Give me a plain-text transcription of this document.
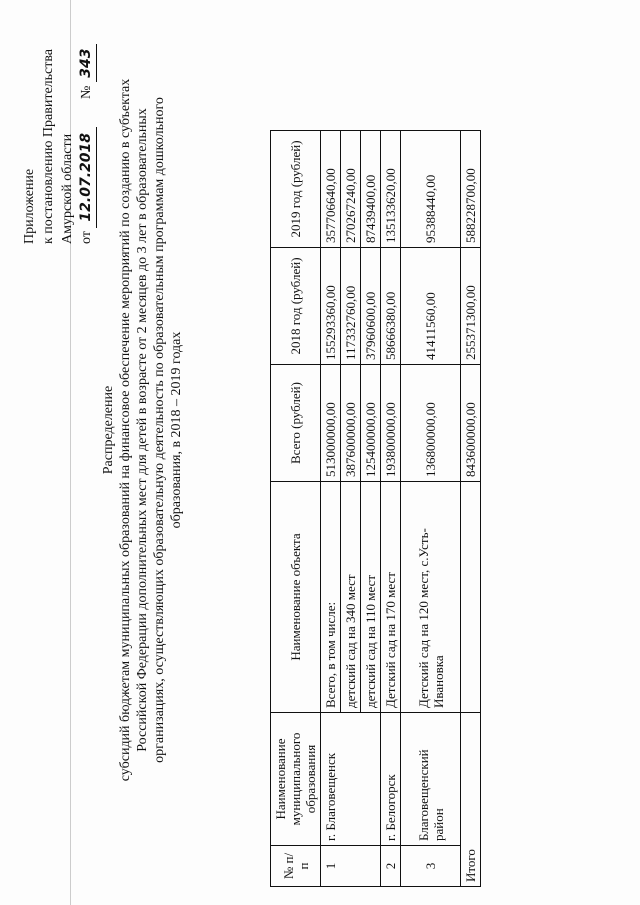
Приложение к постановлению Правительства Амурской области от 12.07.2018        № 343
Распределение субсидий бюджетам муниципальных образований на финансовое обеспечение мероприятий по созданию в субъектах Российской Федерации дополнительных мест для детей в возрасте от 2 месяцев до 3 лет в образовательных организациях, осуществляющих образовательную деятельность по образовательным программам дошкольного образования, в 2018 – 2019 годах
№ п/п	Наименование муниципального образования	Наименование объекта	Всего (рублей)	2018 год (рублей)	2019 год (рублей)
1	г. Благовещенск	Всего, в том числе:	513000000,00	155293360,00	357706640,00
		детский сад на 340 мест	387600000,00	117332760,00	270267240,00
		детский сад на 110 мест	125400000,00	37960600,00	87439400,00
2	г. Белогорск	Детский сад на 170 мест	193800000,00	58666380,00	135133620,00
3	Благовещенский район	Детский сад на 120 мест, с.Усть-Ивановка	136800000,00	41411560,00	95388440,00
Итого			843600000,00	255371300,00	588228700,00
